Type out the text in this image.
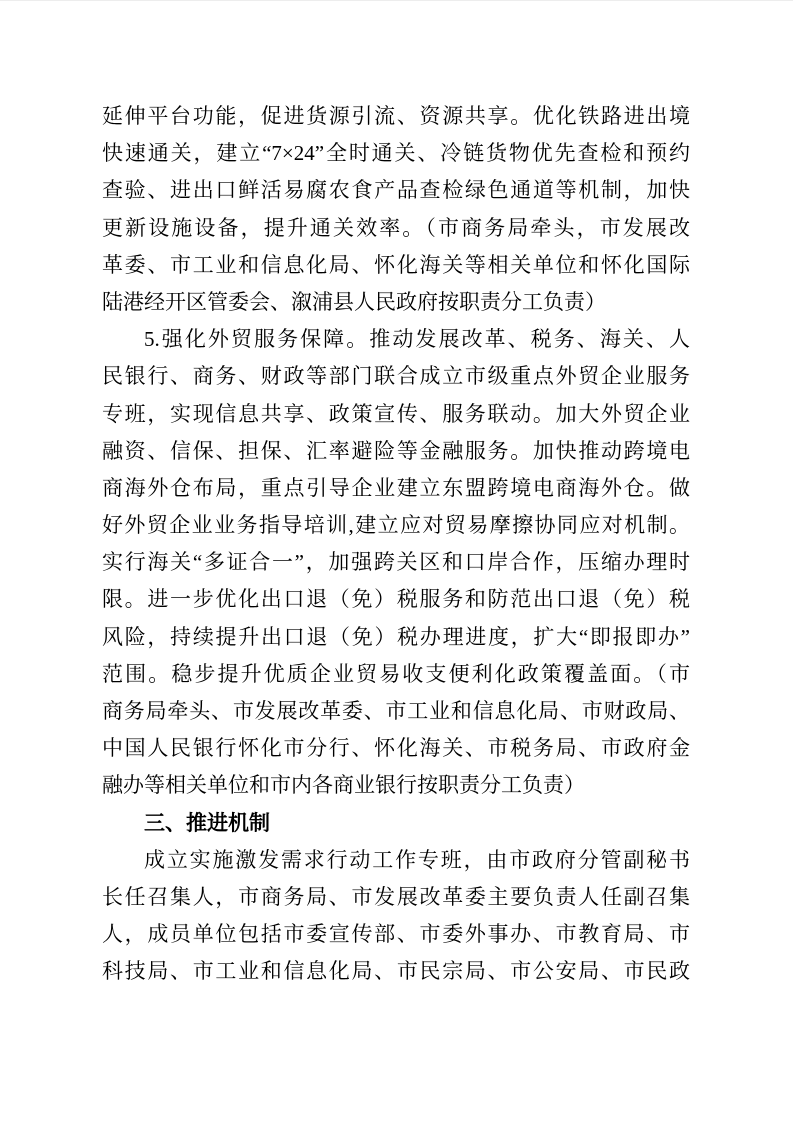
延伸平台功能，促进货源引流、资源共享。优化铁路进出境
快速通关，建立“7×24”全时通关、冷链货物优先查检和预约
查验、进出口鲜活易腐农食产品查检绿色通道等机制，加快
更新设施设备，提升通关效率。（市商务局牵头，市发展改
革委、市工业和信息化局、怀化海关等相关单位和怀化国际
陆港经开区管委会、溆浦县人民政府按职责分工负责）
5.强化外贸服务保障。推动发展改革、税务、海关、人
民银行、商务、财政等部门联合成立市级重点外贸企业服务
专班，实现信息共享、政策宣传、服务联动。加大外贸企业
融资、信保、担保、汇率避险等金融服务。加快推动跨境电
商海外仓布局，重点引导企业建立东盟跨境电商海外仓。做
好外贸企业业务指导培训,建立应对贸易摩擦协同应对机制。
实行海关“多证合一”，加强跨关区和口岸合作，压缩办理时
限。进一步优化出口退（免）税服务和防范出口退（免）税
风险，持续提升出口退（免）税办理进度，扩大“即报即办”
范围。稳步提升优质企业贸易收支便利化政策覆盖面。（市
商务局牵头、市发展改革委、市工业和信息化局、市财政局、
中国人民银行怀化市分行、怀化海关、市税务局、市政府金
融办等相关单位和市内各商业银行按职责分工负责）
三、推进机制
成立实施激发需求行动工作专班，由市政府分管副秘书
长任召集人，市商务局、市发展改革委主要负责人任副召集
人，成员单位包括市委宣传部、市委外事办、市教育局、市
科技局、市工业和信息化局、市民宗局、市公安局、市民政
